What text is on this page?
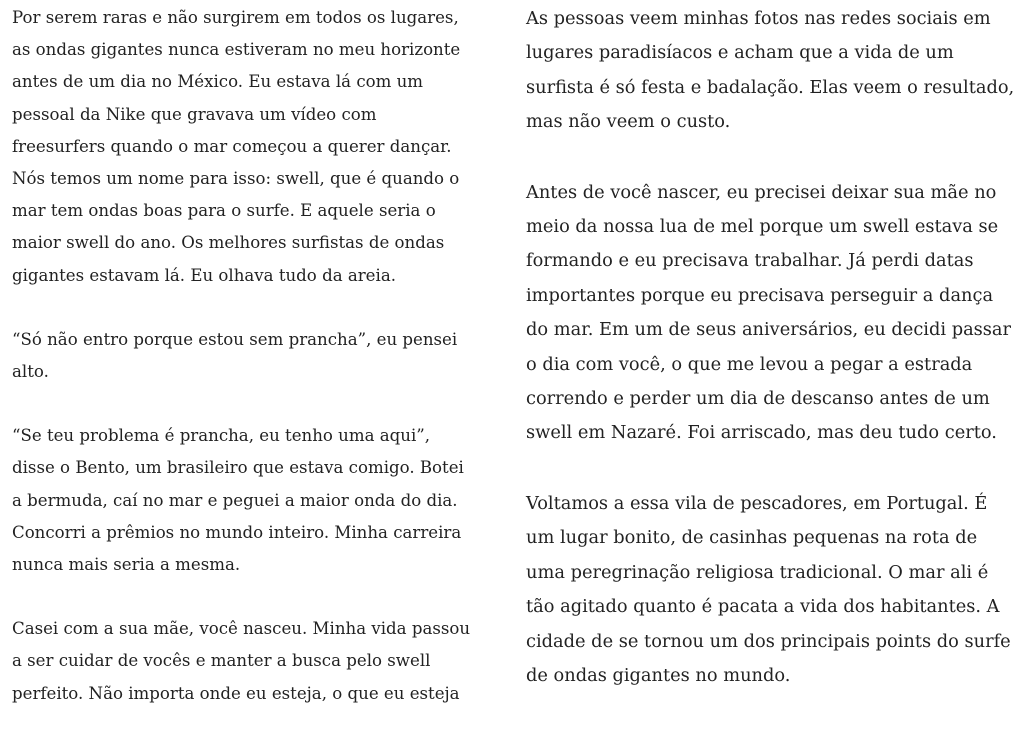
Por serem raras e não surgirem em todos os lugares,
as ondas gigantes nunca estiveram no meu horizonte
antes de um dia no México. Eu estava lá com um
pessoal da Nike que gravava um vídeo com
freesurfers quando o mar começou a querer dançar.
Nós temos um nome para isso: swell, que é quando o
mar tem ondas boas para o surfe. E aquele seria o
maior swell do ano. Os melhores surfistas de ondas
gigantes estavam lá. Eu olhava tudo da areia.

“Só não entro porque estou sem prancha”, eu pensei
alto.

“Se teu problema é prancha, eu tenho uma aqui”,
disse o Bento, um brasileiro que estava comigo. Botei
a bermuda, caí no mar e peguei a maior onda do dia.
Concorri a prêmios no mundo inteiro. Minha carreira
nunca mais seria a mesma.

Casei com a sua mãe, você nasceu. Minha vida passou
a ser cuidar de vocês e manter a busca pelo swell
perfeito. Não importa onde eu esteja, o que eu esteja

As pessoas veem minhas fotos nas redes sociais em
lugares paradisíacos e acham que a vida de um
surfista é só festa e badalação. Elas veem o resultado,
mas não veem o custo.

Antes de você nascer, eu precisei deixar sua mãe no
meio da nossa lua de mel porque um swell estava se
formando e eu precisava trabalhar. Já perdi datas
importantes porque eu precisava perseguir a dança
do mar. Em um de seus aniversários, eu decidi passar
o dia com você, o que me levou a pegar a estrada
correndo e perder um dia de descanso antes de um
swell em Nazaré. Foi arriscado, mas deu tudo certo.

Voltamos a essa vila de pescadores, em Portugal. É
um lugar bonito, de casinhas pequenas na rota de
uma peregrinação religiosa tradicional. O mar ali é
tão agitado quanto é pacata a vida dos habitantes. A
cidade de se tornou um dos principais points do surfe
de ondas gigantes no mundo.
